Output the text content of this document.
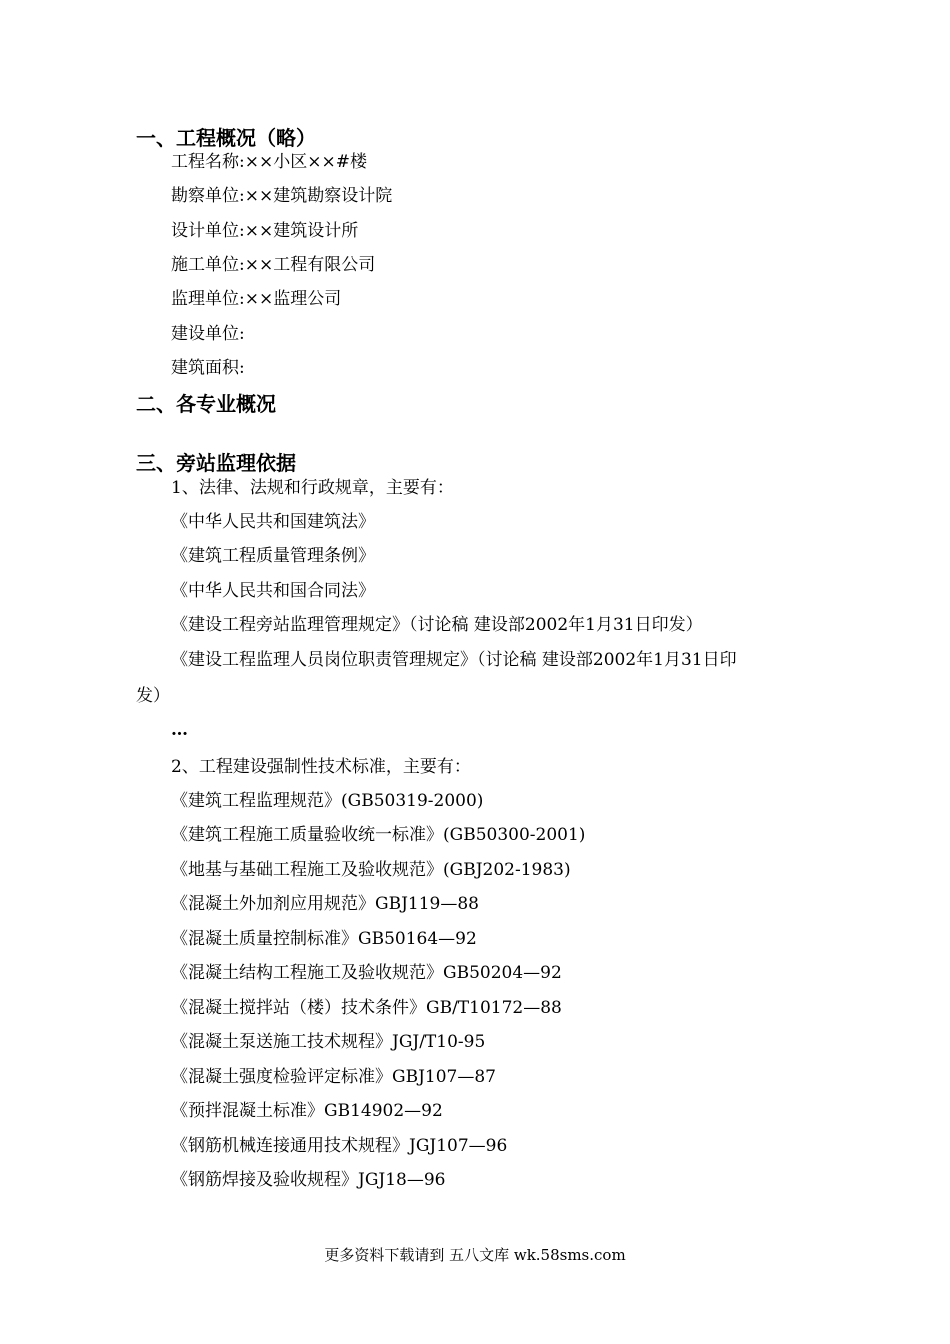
一、工程概况（略）
工程名称:××小区××#楼
勘察单位:××建筑勘察设计院
设计单位:××建筑设计所
施工单位:××工程有限公司
监理单位:××监理公司
建设单位:
建筑面积:
二、各专业概况
三、旁站监理依据
1、法律、法规和行政规章，主要有：
《中华人民共和国建筑法》
《建筑工程质量管理条例》
《中华人民共和国合同法》
《建设工程旁站监理管理规定》（讨论稿 建设部2002年1月31日印发）
《建设工程监理人员岗位职责管理规定》（讨论稿 建设部2002年1月31日印
发）
…
2、工程建设强制性技术标准，主要有：
《建筑工程监理规范》(GB50319-2000)
《建筑工程施工质量验收统一标准》(GB50300-2001)
《地基与基础工程施工及验收规范》(GBJ202-1983)
《混凝土外加剂应用规范》GBJ119—88
《混凝土质量控制标准》GB50164—92
《混凝土结构工程施工及验收规范》GB50204—92
《混凝土搅拌站（楼）技术条件》GB/T10172—88
《混凝土泵送施工技术规程》JGJ/T10-95
《混凝土强度检验评定标准》GBJ107—87
《预拌混凝土标准》GB14902—92
《钢筋机械连接通用技术规程》JGJ107—96
《钢筋焊接及验收规程》JGJ18—96
更多资料下载请到 五八文库 wk.58sms.com
